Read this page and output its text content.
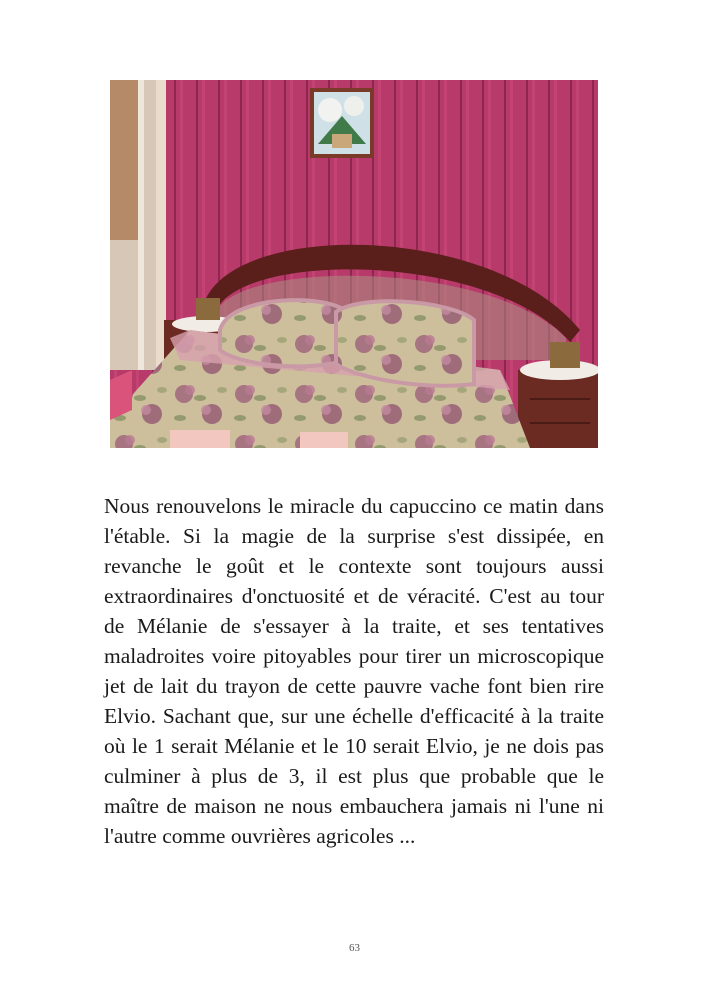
Nous renouvelons le miracle du capuccino ce matin dans l'étable. Si la magie de la surprise s'est dissipée, en revanche le goût et le contexte sont toujours aussi extraordinaires d'onctuosité et de véracité. C'est au tour de Mélanie de s'essayer à la traite, et ses tentatives maladroites voire pitoyables pour tirer un microscopique jet de lait du trayon de cette pauvre vache font bien rire Elvio. Sachant que, sur une échelle d'efficacité à la traite où le 1 serait Mélanie et le 10 serait Elvio, je ne dois pas culminer à plus de 3, il est plus que probable que le maître de maison ne nous embauchera jamais ni l'une ni l'autre comme ouvrières agricoles ...

63
